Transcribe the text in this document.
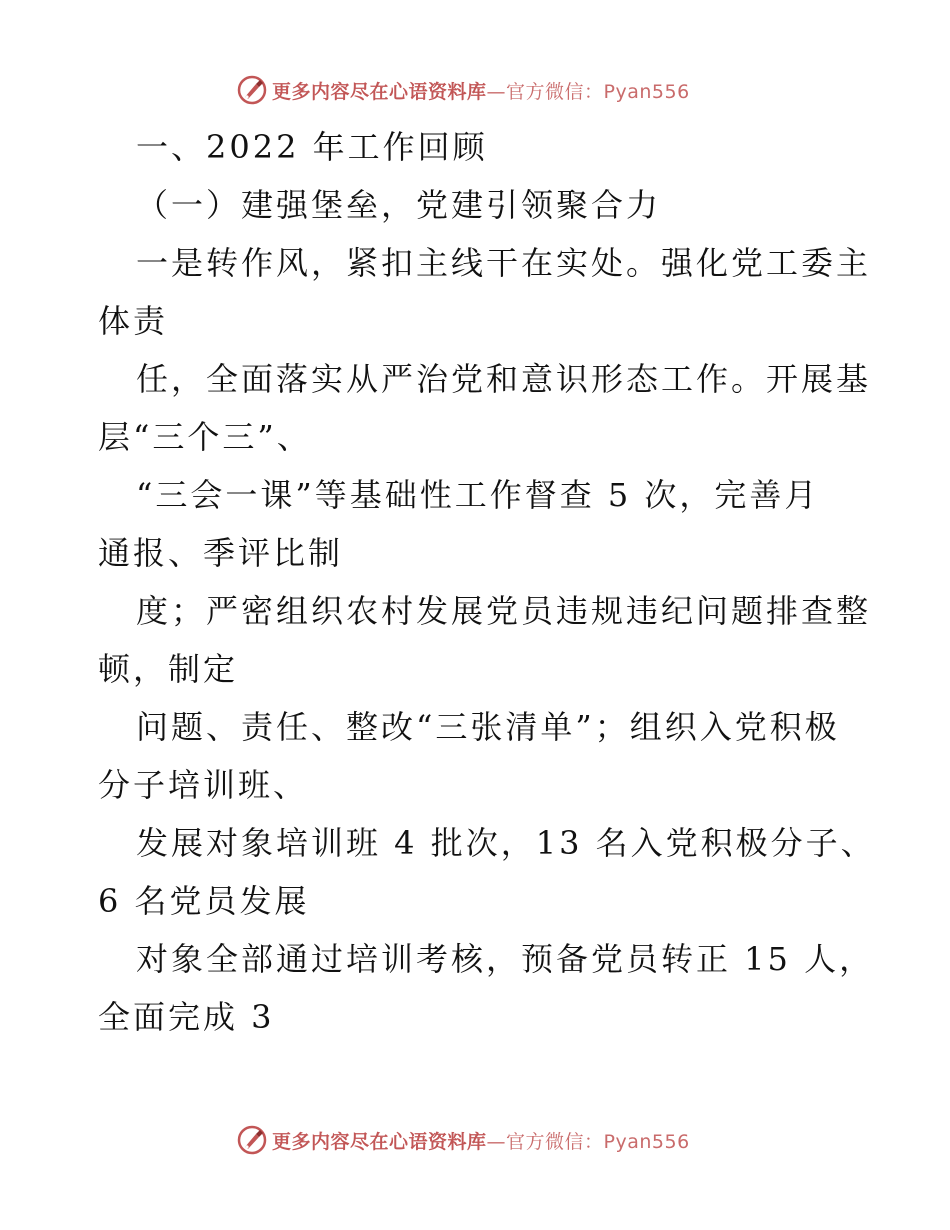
更多内容尽在心语资料库—官方微信：Pyan556
一、2022 年工作回顾
（一）建强堡垒，党建引领聚合力
一是转作风，紧扣主线干在实处。强化党工委主
体责
任，全面落实从严治党和意识形态工作。开展基
层“三个三”、
“三会一课”等基础性工作督查 5 次，完善月
通报、季评比制
度；严密组织农村发展党员违规违纪问题排查整
顿，制定
问题、责任、整改“三张清单”；组织入党积极
分子培训班、
发展对象培训班 4 批次，13 名入党积极分子、
6 名党员发展
对象全部通过培训考核，预备党员转正 15 人，
全面完成 3
更多内容尽在心语资料库—官方微信：Pyan556
